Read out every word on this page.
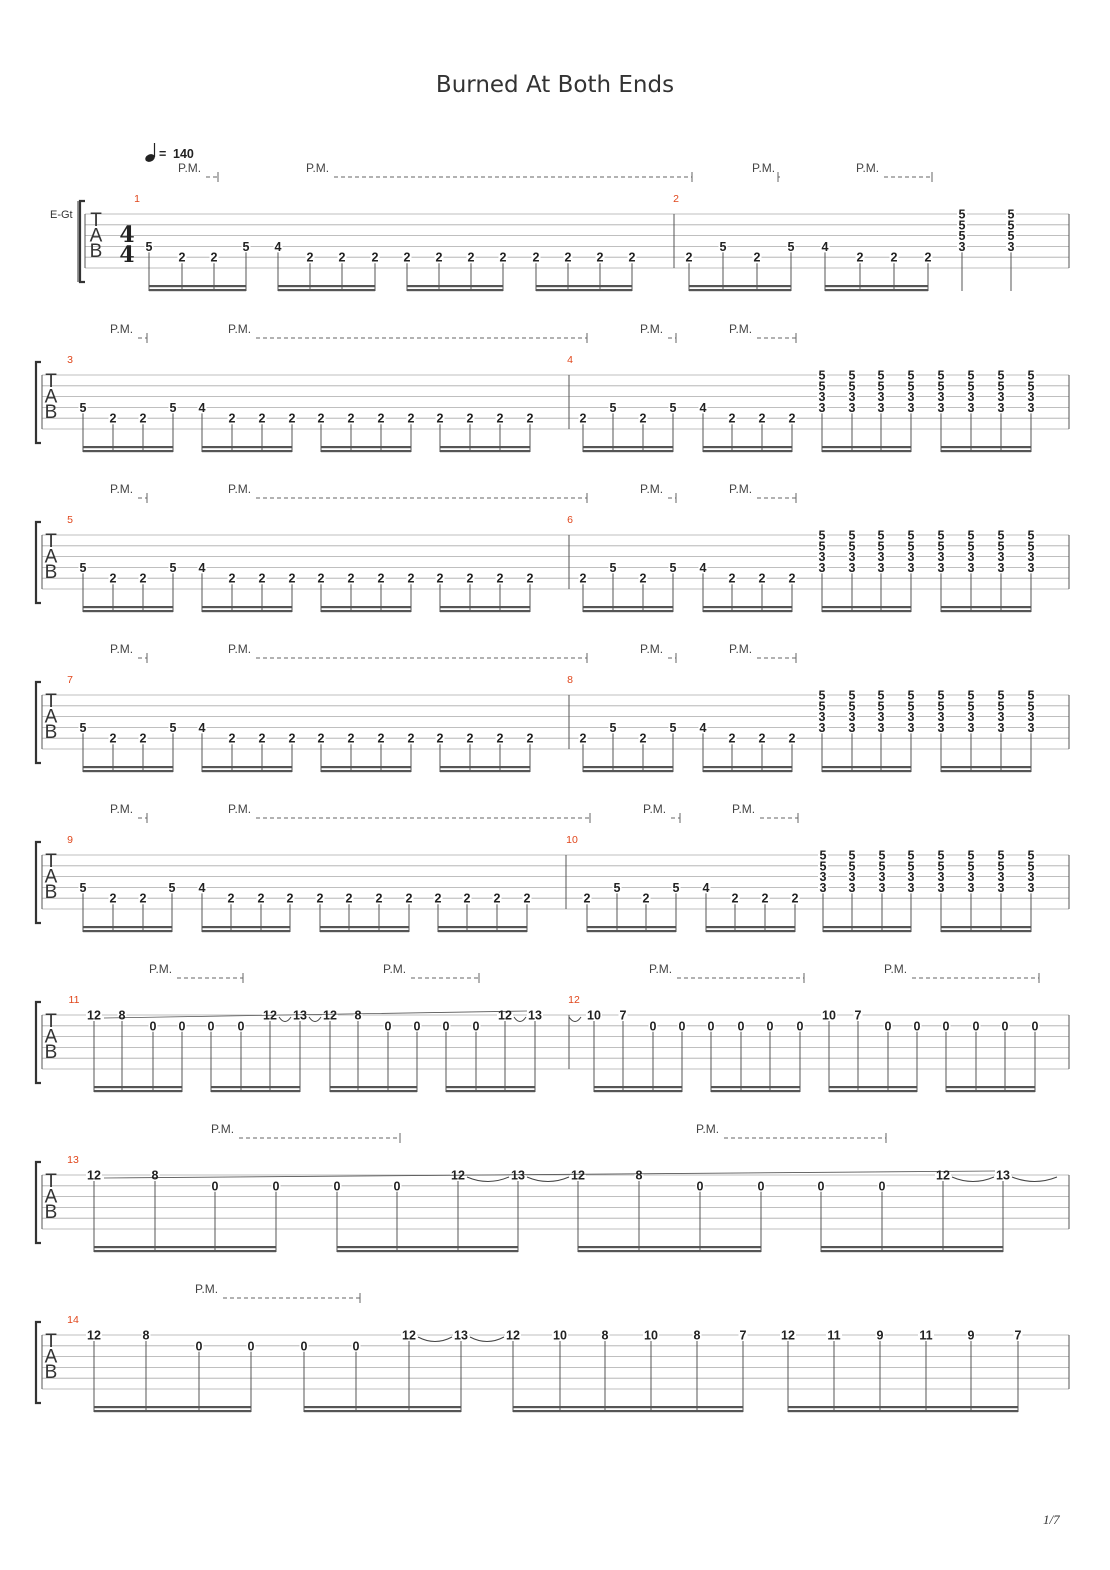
Burned At Both Ends
= 140
E-Gt T
A
B
4
4
P.M.	P.M.	P.M.	P.M.
1
5
2 2
5 4
2 2 2 2 2 2 2 2 2 2 2
2
2
5
2
5 4
2 2 2
5
5
5
3
5
5
5
3
T
A
B
P.M.	P.M.	P.M.	P.M.
3
5
2 2
5 4
2 2 2 2 2 2 2 2 2 2 2
4
2
5
2
5 4
2 2 2
5
5
3
3
5
5
3
3
5
5
3
3
5
5
3
3
5
5
3
3
5
5
3
3
5
5
3
3
5
5
3
3
T
A
B
P.M.	P.M.	P.M.	P.M.
5
5
2 2
5 4
2 2 2 2 2 2 2 2 2 2 2
6
2
5
2
5 4
2 2 2
5
5
3
3
5
5
3
3
5
5
3
3
5
5
3
3
5
5
3
3
5
5
3
3
5
5
3
3
5
5
3
3
T
A
B
P.M.	P.M.	P.M.	P.M.
7
5
2 2
5 4
2 2 2 2 2 2 2 2 2 2 2
8
2
5
2
5 4
2 2 2
5
5
3
3
5
5
3
3
5
5
3
3
5
5
3
3
5
5
3
3
5
5
3
3
5
5
3
3
5
5
3
3
T
A
B
P.M.	P.M.	P.M.	P.M.
9
5
2 2
5 4
2 2 2 2 2 2 2 2 2 2 2
10
2
5
2
5 4
2 2 2
5
5
3
3
5
5
3
3
5
5
3
3
5
5
3
3
5
5
3
3
5
5
3
3
5
5
3
3
5
5
3
3
T
A
B
P.M.	P.M.	P.M.	P.M.
11
12 8
0 0 0 0
12 13 12 8
0 0 0 0
12 13
12
10 7
0 0 0 0 0 0
10 7
0 0 0 0 0 0
T
A
B
P.M.	P.M.
13
12	8
0	0	0	0
12	13	12	8
0	0	0	0
12	13
T
A
B
P.M.
14
12	8
0	0	0	0
12	13	12	10	8	10	8	7	12	11	9	11	9	7
1/7
